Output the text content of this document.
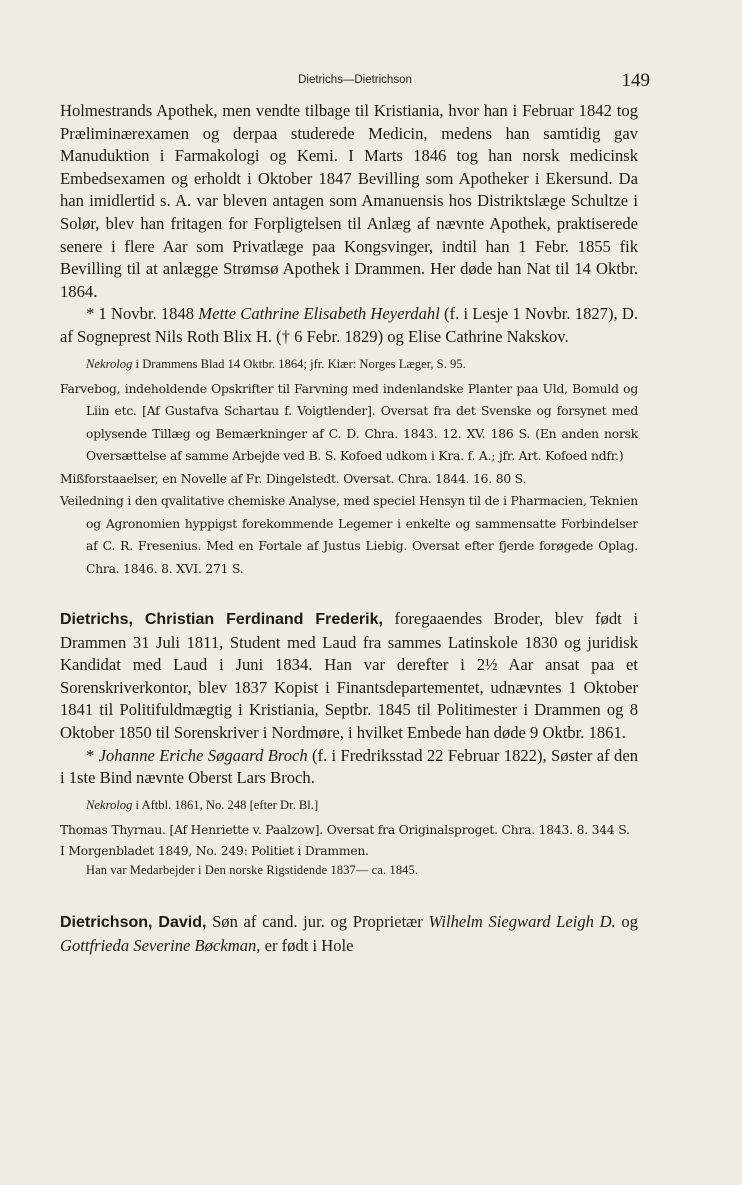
Dietrichs—Dietrichson	149

Holmestrands Apothek, men vendte tilbage til Kristiania, hvor han i Februar 1842 tog Præliminærexamen og derpaa studerede Medicin, medens han samtidig gav Manuduktion i Farmakologi og Kemi. I Marts 1846 tog han norsk medicinsk Embedsexamen og erholdt i Oktober 1847 Bevilling som Apotheker i Ekersund. Da han imidlertid s. A. var bleven antagen som Amanuensis hos Distriktslæge Schultze i Solør, blev han fritagen for Forpligtelsen til Anlæg af nævnte Apothek, praktiserede senere i flere Aar som Privatlæge paa Kongsvinger, indtil han 1 Febr. 1855 fik Bevilling til at anlægge Strømsø Apothek i Drammen. Her døde han Nat til 14 Oktbr. 1864.

* 1 Novbr. 1848 Mette Cathrine Elisabeth Heyerdahl (f. i Lesje 1 Novbr. 1827), D. af Sogneprest Nils Roth Blix H. († 6 Febr. 1829) og Elise Cathrine Nakskov.

Nekrolog i Drammens Blad 14 Oktbr. 1864; jfr. Kiær: Norges Læger, S. 95.

Farvebog, indeholdende Opskrifter til Farvning med indenlandske Planter paa Uld, Bomuld og Liin etc. [Af Gustafva Schartau f. Voigtlender]. Oversat fra det Svenske og forsynet med oplysende Tillæg og Bemærkninger af C. D. Chra. 1843. 12. XV. 186 S. (En anden norsk Oversættelse af samme Arbejde ved B. S. Kofoed udkom i Kra. f. A.; jfr. Art. Kofoed ndfr.)

Mißforstaaelser, en Novelle af Fr. Dingelstedt. Oversat. Chra. 1844. 16. 80 S.

Veiledning i den qvalitative chemiske Analyse, med speciel Hensyn til de i Pharmacien, Teknien og Agronomien hyppigst forekommende Legemer i enkelte og sammensatte Forbindelser af C. R. Fresenius. Med en Fortale af Justus Liebig. Oversat efter fjerde forøgede Oplag. Chra. 1846. 8. XVI. 271 S.

Dietrichs, Christian Ferdinand Frederik, foregaaendes Broder, blev født i Drammen 31 Juli 1811, Student med Laud fra sammes Latinskole 1830 og juridisk Kandidat med Laud i Juni 1834. Han var derefter i 2½ Aar ansat paa et Sorenskriverkontor, blev 1837 Kopist i Finantsdepartementet, udnævntes 1 Oktober 1841 til Politifuldmægtig i Kristiania, Septbr. 1845 til Politimester i Drammen og 8 Oktober 1850 til Sorenskriver i Nordmøre, i hvilket Embede han døde 9 Oktbr. 1861.

* Johanne Eriche Søgaard Broch (f. i Fredriksstad 22 Februar 1822), Søster af den i 1ste Bind nævnte Oberst Lars Broch.

Nekrolog i Aftbl. 1861, No. 248 [efter Dr. Bl.]

Thomas Thyrnau. [Af Henriette v. Paalzow]. Oversat fra Originalsproget. Chra. 1843. 8. 344 S.

I Morgenbladet 1849, No. 249: Politiet i Drammen.

Han var Medarbejder i Den norske Rigstidende 1837— ca. 1845.

Dietrichson, David, Søn af cand. jur. og Proprietær Wilhelm Siegward Leigh D. og Gottfrieda Severine Bøckman, er født i Hole
